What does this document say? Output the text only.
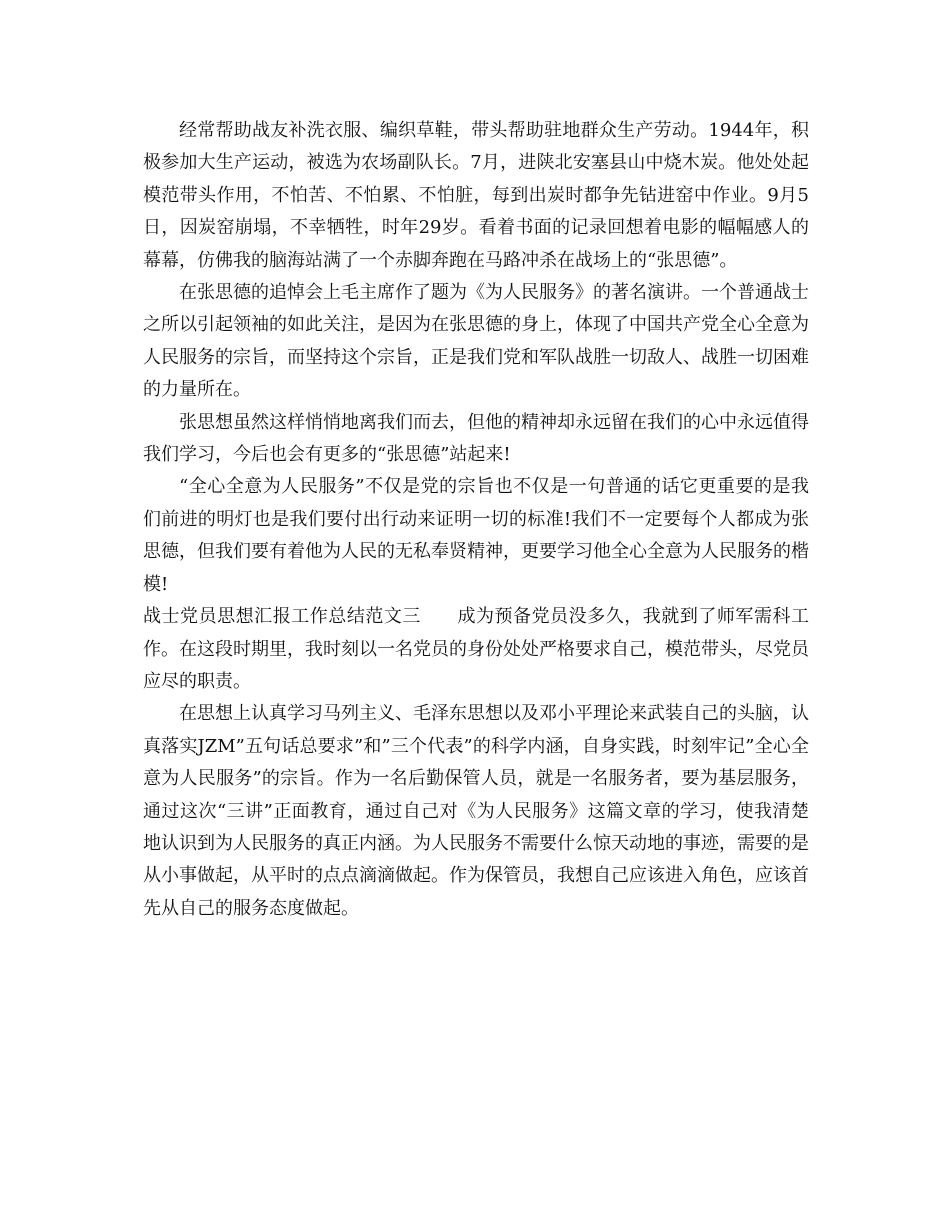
经常帮助战友补洗衣服、编织草鞋，带头帮助驻地群众生产劳动。1944年，积极参加大生产运动，被选为农场副队长。7月，进陕北安塞县山中烧木炭。他处处起模范带头作用，不怕苦、不怕累、不怕脏，每到出炭时都争先钻进窑中作业。9月5日，因炭窑崩塌，不幸牺牲，时年29岁。看着书面的记录回想着电影的幅幅感人的幕幕，仿佛我的脑海站满了一个赤脚奔跑在马路冲杀在战场上的“张思德”。

在张思德的追悼会上毛主席作了题为《为人民服务》的著名演讲。一个普通战士之所以引起领袖的如此关注，是因为在张思德的身上，体现了中国共产党全心全意为人民服务的宗旨，而坚持这个宗旨，正是我们党和军队战胜一切敌人、战胜一切困难的力量所在。

张思想虽然这样悄悄地离我们而去，但他的精神却永远留在我们的心中永远值得我们学习，今后也会有更多的“张思德”站起来!

“全心全意为人民服务”不仅是党的宗旨也不仅是一句普通的话它更重要的是我们前进的明灯也是我们要付出行动来证明一切的标准!我们不一定要每个人都成为张思德，但我们要有着他为人民的无私奉贤精神，更要学习他全心全意为人民服务的楷模!

战士党员思想汇报工作总结范文三 成为预备党员没多久，我就到了师军需科工作。在这段时期里，我时刻以一名党员的身份处处严格要求自己，模范带头，尽党员应尽的职责。

在思想上认真学习马列主义、毛泽东思想以及邓小平理论来武装自己的头脑，认真落实JZM”五句话总要求”和”三个代表”的科学内涵，自身实践，时刻牢记”全心全意为人民服务”的宗旨。作为一名后勤保管人员，就是一名服务者，要为基层服务，通过这次“三讲”正面教育，通过自己对《为人民服务》这篇文章的学习，使我清楚地认识到为人民服务的真正内涵。为人民服务不需要什么惊天动地的事迹，需要的是从小事做起，从平时的点点滴滴做起。作为保管员，我想自己应该进入角色，应该首先从自己的服务态度做起。
